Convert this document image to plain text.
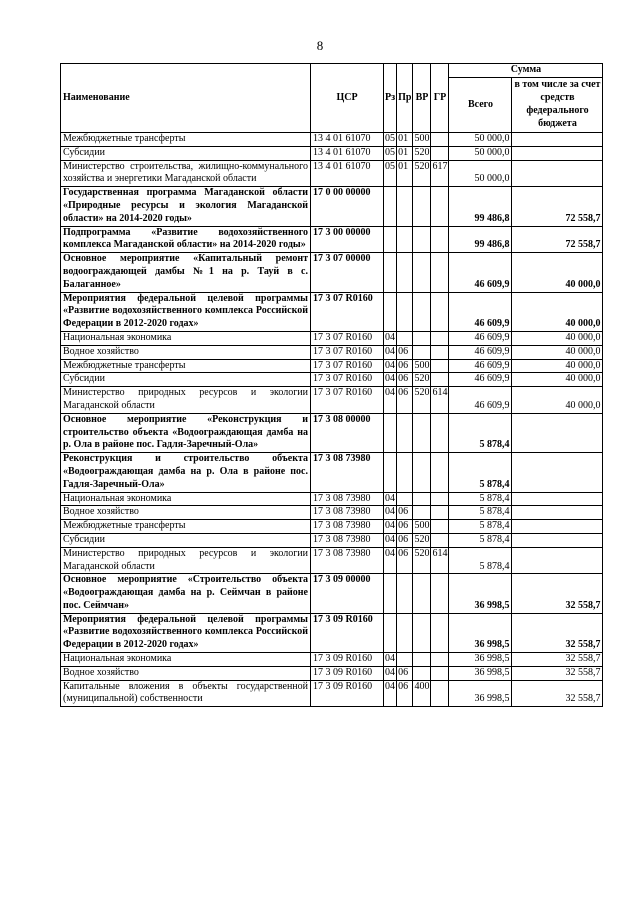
8
Наименование	ЦСР	Рз	Пр	ВР	ГР	Сумма	
						Всего	в том числе за счет средств федерального бюджета
Межбюджетные трансферты	13 4 01 61070	05	01	500		50 000,0	
Субсидии	13 4 01 61070	05	01	520		50 000,0	
Министерство строительства, жилищно-коммунального хозяйства и энергетики Магаданской области	13 4 01 61070	05	01	520	617	50 000,0	
Государственная программа Магаданской области «Природные ресурсы и экология Магаданской области» на 2014-2020 годы»	17 0 00 00000					99 486,8	72 558,7
Подпрограмма «Развитие водохозяйственного комплекса Магаданской области» на 2014-2020 годы»	17 3 00 00000					99 486,8	72 558,7
Основное мероприятие «Капитальный ремонт водоограждающей дамбы №1 на р. Тауй в с. Балаганное»	17 3 07 00000					46 609,9	40 000,0
Мероприятия федеральной целевой программы «Развитие водохозяйственного комплекса Российской Федерации в 2012-2020 годах»	17 3 07 R0160					46 609,9	40 000,0
Национальная экономика	17 3 07 R0160	04				46 609,9	40 000,0
Водное хозяйство	17 3 07 R0160	04	06			46 609,9	40 000,0
Межбюджетные трансферты	17 3 07 R0160	04	06	500		46 609,9	40 000,0
Субсидии	17 3 07 R0160	04	06	520		46 609,9	40 000,0
Министерство природных ресурсов и экологии Магаданской области	17 3 07 R0160	04	06	520	614	46 609,9	40 000,0
Основное мероприятие «Реконструкция и строительство объекта «Водоограждающая дамба на р. Ола в районе пос. Гадля-Заречный-Ола»	17 3 08 00000					5 878,4	
Реконструкция и строительство объекта «Водоограждающая дамба на р. Ола в районе пос. Гадля-Заречный-Ола»	17 3 08 73980					5 878,4	
Национальная экономика	17 3 08 73980	04				5 878,4	
Водное хозяйство	17 3 08 73980	04	06			5 878,4	
Межбюджетные трансферты	17 3 08 73980	04	06	500		5 878,4	
Субсидии	17 3 08 73980	04	06	520		5 878,4	
Министерство природных ресурсов и экологии Магаданской области	17 3 08 73980	04	06	520	614	5 878,4	
Основное мероприятие «Строительство объекта «Водоограждающая дамба на р. Сеймчан в районе пос. Сеймчан»	17 3 09 00000					36 998,5	32 558,7
Мероприятия федеральной целевой программы «Развитие водохозяйственного комплекса Российской Федерации в 2012-2020 годах»	17 3 09 R0160					36 998,5	32 558,7
Национальная экономика	17 3 09 R0160	04				36 998,5	32 558,7
Водное хозяйство	17 3 09 R0160	04	06			36 998,5	32 558,7
Капитальные вложения в объекты государственной (муниципальной) собственности	17 3 09 R0160	04	06	400		36 998,5	32 558,7
